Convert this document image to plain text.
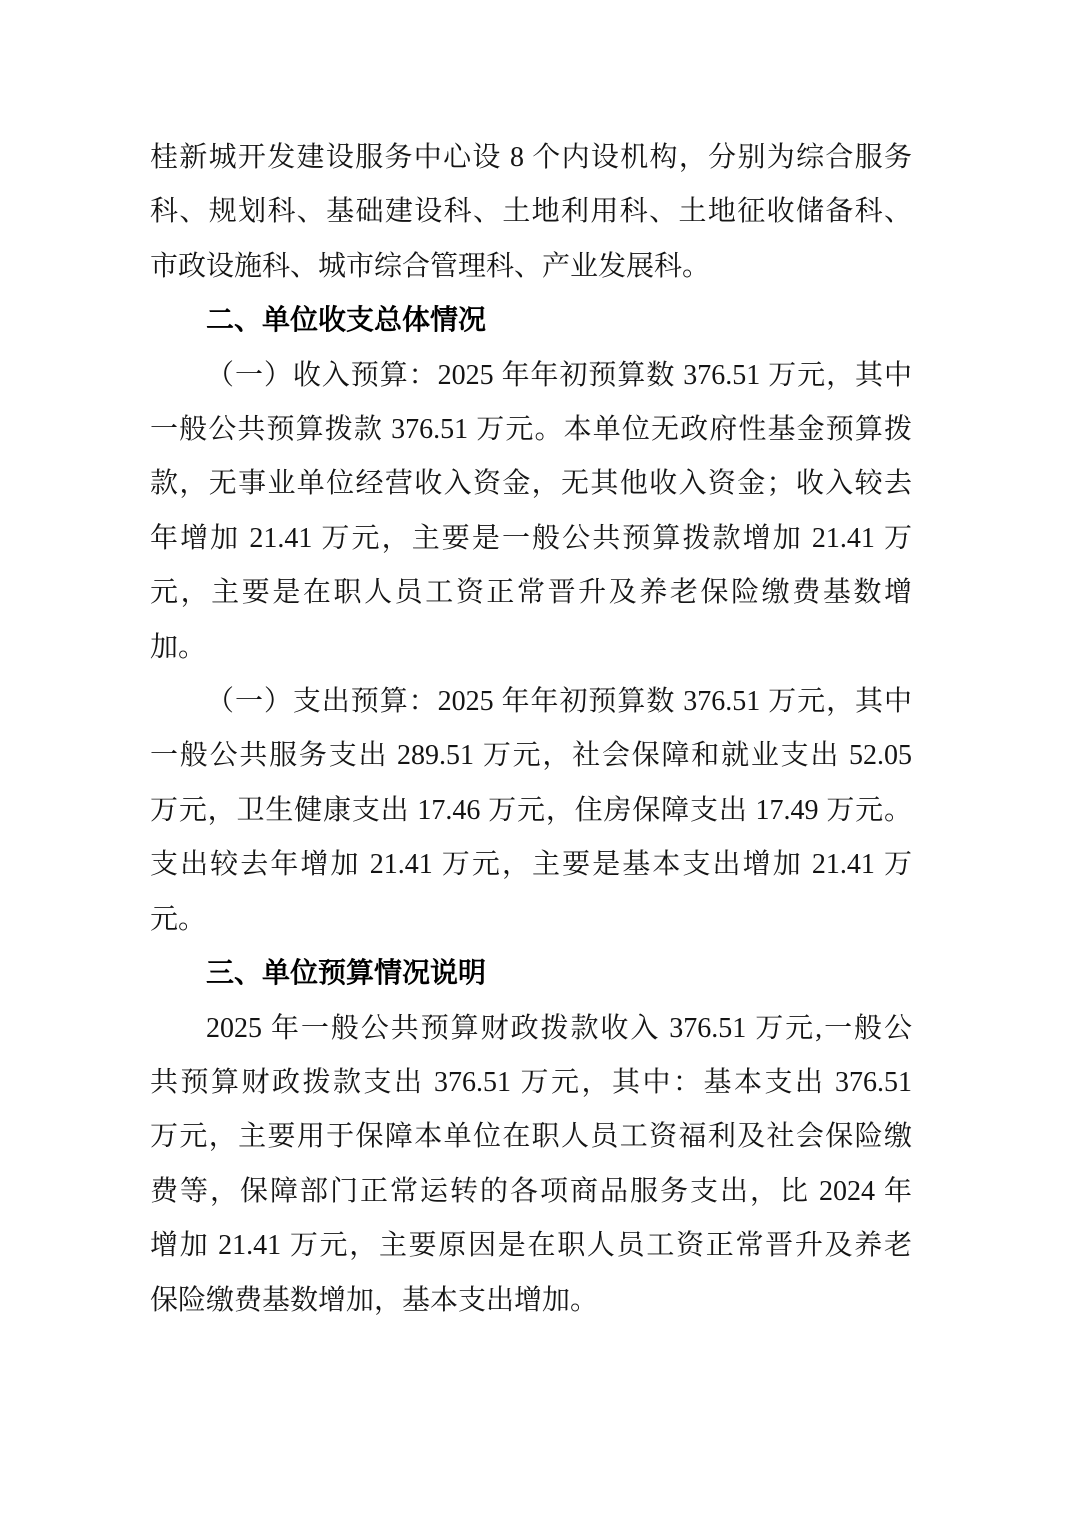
桂新城开发建设服务中心设 8 个内设机构，分别为综合服务
科、规划科、基础建设科、土地利用科、土地征收储备科、
市政设施科、城市综合管理科、产业发展科。
二、单位收支总体情况
（一）收入预算：2025 年年初预算数 376.51 万元，其中
一般公共预算拨款 376.51 万元。本单位无政府性基金预算拨
款，无事业单位经营收入资金，无其他收入资金；收入较去
年增加 21.41 万元，主要是一般公共预算拨款增加 21.41 万
元，主要是在职人员工资正常晋升及养老保险缴费基数增
加。
（一）支出预算：2025 年年初预算数 376.51 万元，其中
一般公共服务支出 289.51 万元，社会保障和就业支出 52.05
万元，卫生健康支出 17.46 万元，住房保障支出 17.49 万元。
支出较去年增加 21.41 万元，主要是基本支出增加 21.41 万
元。
三、单位预算情况说明
2025 年一般公共预算财政拨款收入 376.51 万元,一般公
共预算财政拨款支出 376.51 万元，其中：基本支出 376.51
万元，主要用于保障本单位在职人员工资福利及社会保险缴
费等，保障部门正常运转的各项商品服务支出，比 2024 年
增加 21.41 万元，主要原因是在职人员工资正常晋升及养老
保险缴费基数增加，基本支出增加。
